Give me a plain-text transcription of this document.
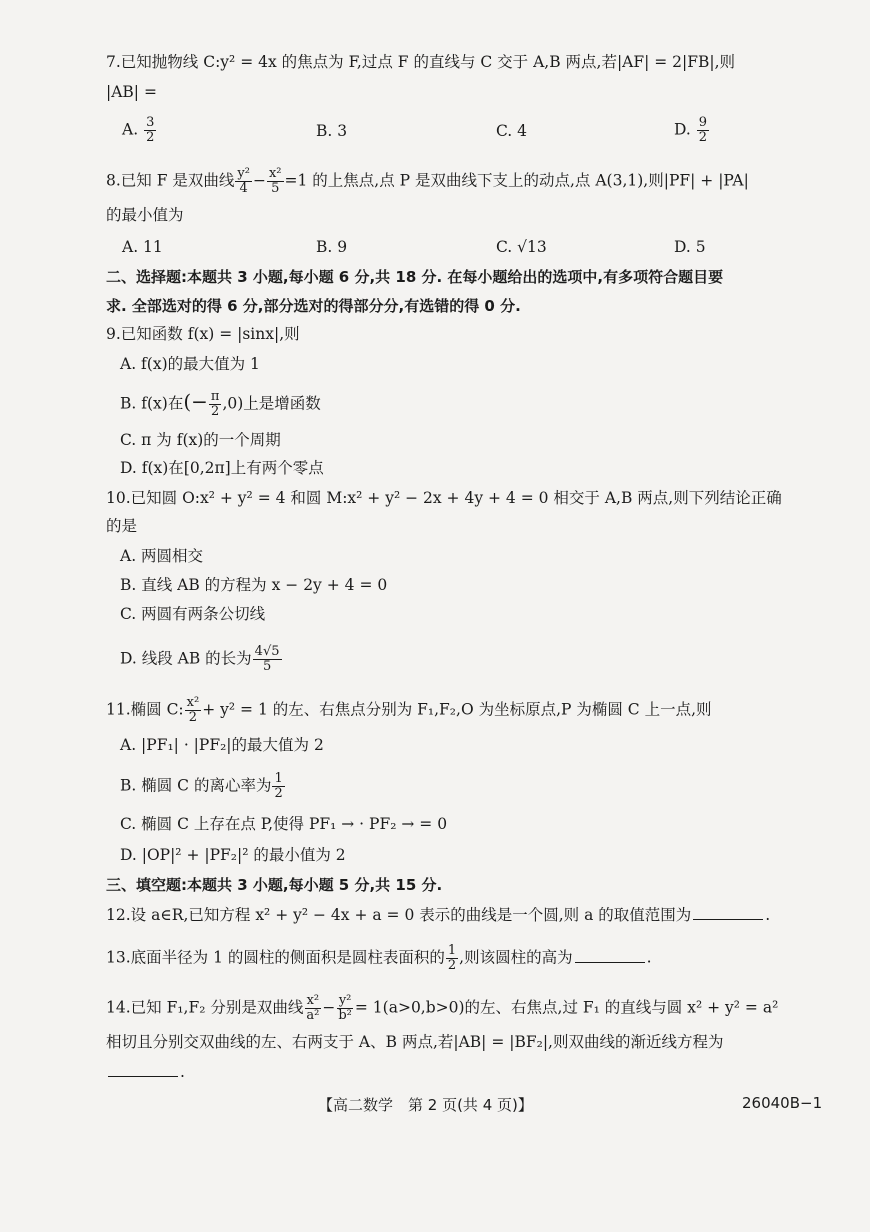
7.已知抛物线 C:y² = 4x 的焦点为 F,过点 F 的直线与 C 交于 A,B 两点,若|AF| = 2|FB|,则
|AB| =
A. $\frac{3}{2}$	B. 3	C. 4	D. $\frac{9}{2}$
8.已知 F 是双曲线 $\frac{\text{y²}}{4} - \frac{\text{x²}}{5} =1$ 的上焦点,点 P 是双曲线下支上的动点,点 A(3,1),则|PF| + |PA|
的最小值为
A. 11	B. 9	C. √13	D. 5
二、选择题:本题共 3 小题,每小题 6 分,共 18 分. 在每小题给出的选项中,有多项符合题目要
求. 全部选对的得 6 分,部分选对的得部分分,有选错的得 0 分.
9.已知函数 f(x) = |sinx|,则
A. f(x)的最大值为 1
B. f(x)在(− $\frac{\pi}{2} ,0$)上是增函数
C. π 为 f(x)的一个周期
D. f(x)在[0,2π]上有两个零点
10.已知圆 O:x² + y² = 4 和圆 M:x² + y² − 2x + 4y + 4 = 0 相交于 A,B 两点,则下列结论正确
的是
A. 两圆相交
B. 直线 AB 的方程为 x − 2y + 4 = 0
C. 两圆有两条公切线
D. 线段 AB 的长为 $\frac{4√5}{5}$
11.椭圆 C: $\frac{\text{x²}}{2} + y^2 = 1$ 的左、右焦点分别为 F₁,F₂,O 为坐标原点,P 为椭圆 C 上一点,则
A. |PF₁| · |PF₂|的最大值为 2
B. 椭圆 C 的离心率为 $\frac{1}{2}$
C. 椭圆 C 上存在点 P,使得 PF₁ → · PF₂ → = 0
D. |OP|² + |PF₂|² 的最小值为 2
三、填空题:本题共 3 小题,每小题 5 分,共 15 分.
12.设 a∈R,已知方程 x² + y² − 4x + a = 0 表示的曲线是一个圆,则 a 的取值范围为	.
13.底面半径为 1 的圆柱的侧面积是圆柱表面积的 $\frac{1}{2}$ ,则该圆柱的高为	.
14.已知 F₁,F₂ 分别是双曲线 $\frac{\text{x²}}{\text{a²}} - \frac{\text{y²}}{\text{b²}} = 1(a>0,b>0)$的左、右焦点,过 F₁ 的直线与圆 x² + y² = a²
相切且分别交双曲线的左、右两支于 A、B 两点,若|AB| = |BF₂|,则双曲线的渐近线方程为
.
【高二数学　第 2 页(共 4 页)】	26040B−1
